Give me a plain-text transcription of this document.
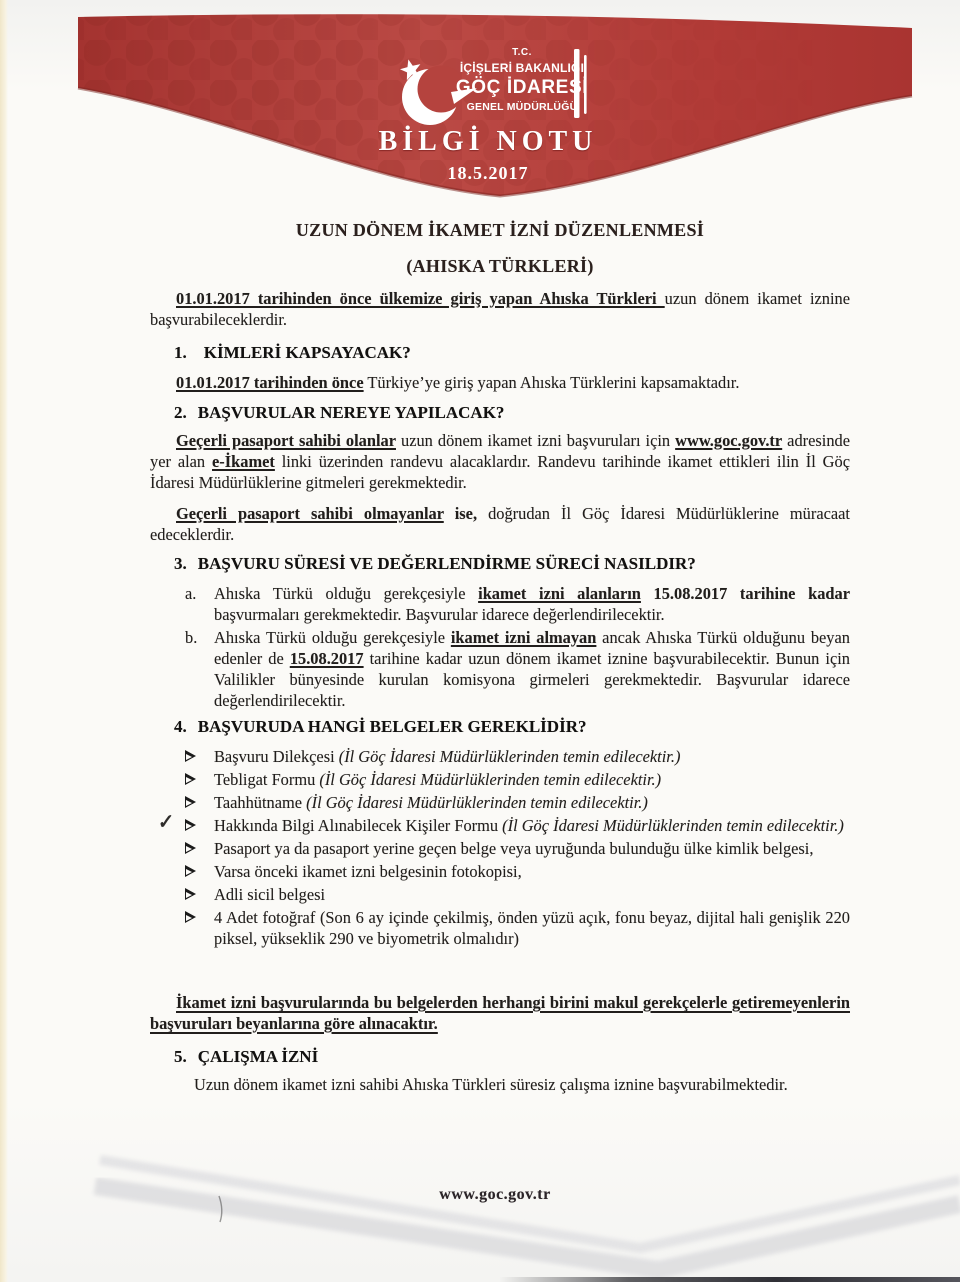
T.C.
İÇİŞLERİ BAKANLIĞI
GÖÇ İDARESİ
GENEL MÜDÜRLÜĞÜ
BİLGİ NOTU
18.5.2017
UZUN DÖNEM İKAMET İZNİ DÜZENLENMESİ
(AHISKA TÜRKLERİ)
01.01.2017 tarihinden önce ülkemize giriş yapan Ahıska Türkleri uzun dönem ikamet iznine başvurabileceklerdir.
1. KİMLERİ KAPSAYACAK?
01.01.2017 tarihinden önce Türkiye’ye giriş yapan Ahıska Türklerini kapsamaktadır.
2. BAŞVURULAR NEREYE YAPILACAK?
Geçerli pasaport sahibi olanlar uzun dönem ikamet izni başvuruları için www.goc.gov.tr adresinde yer alan e-İkamet linki üzerinden randevu alacaklardır. Randevu tarihinde ikamet ettikleri ilin İl Göç İdaresi Müdürlüklerine gitmeleri gerekmektedir.
Geçerli pasaport sahibi olmayanlar ise, doğrudan İl Göç İdaresi Müdürlüklerine müracaat edeceklerdir.
3. BAŞVURU SÜRESİ VE DEĞERLENDİRME SÜRECİ NASILDIR?
a.	Ahıska Türkü olduğu gerekçesiyle ikamet izni alanların 15.08.2017 tarihine kadar başvurmaları gerekmektedir. Başvurular idarece değerlendirilecektir.
b.	Ahıska Türkü olduğu gerekçesiyle ikamet izni almayan ancak Ahıska Türkü olduğunu beyan edenler de 15.08.2017 tarihine kadar uzun dönem ikamet iznine başvurabilecektir. Bunun için Valilikler bünyesinde kurulan komisyona girmeleri gerekmektedir. Başvurular idarece değerlendirilecektir.
4. BAŞVURUDA HANGİ BELGELER GEREKLİDİR?
Başvuru Dilekçesi (İl Göç İdaresi Müdürlüklerinden temin edilecektir.)
Tebligat Formu (İl Göç İdaresi Müdürlüklerinden temin edilecektir.)
Taahhütname (İl Göç İdaresi Müdürlüklerinden temin edilecektir.)
✓ Hakkında Bilgi Alınabilecek Kişiler Formu (İl Göç İdaresi Müdürlüklerinden temin edilecektir.)
Pasaport ya da pasaport yerine geçen belge veya uyruğunda bulunduğu ülke kimlik belgesi,
Varsa önceki ikamet izni belgesinin fotokopisi,
Adli sicil belgesi
4 Adet fotoğraf (Son 6 ay içinde çekilmiş, önden yüzü açık, fonu beyaz, dijital hali genişlik 220 piksel, yükseklik 290 ve biyometrik olmalıdır)
İkamet izni başvurularında bu belgelerden herhangi birini makul gerekçelerle getiremeyenlerin başvuruları beyanlarına göre alınacaktır.
5. ÇALIŞMA İZNİ
Uzun dönem ikamet izni sahibi Ahıska Türkleri süresiz çalışma iznine başvurabilmektedir.
www.goc.gov.tr
